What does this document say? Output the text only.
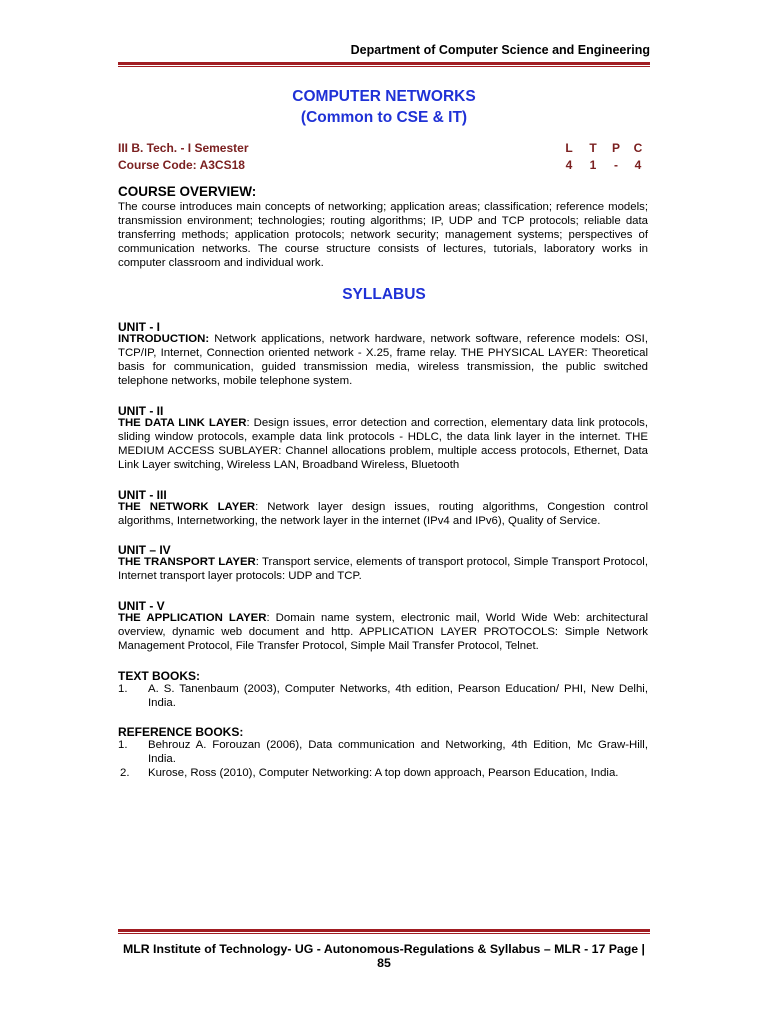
Department of Computer Science and Engineering
COMPUTER NETWORKS
(Common to CSE & IT)
III B. Tech. - I Semester
Course Code: A3CS18
L T P C
4	1	-	4
COURSE OVERVIEW:
The course introduces main concepts of networking; application areas; classification; reference models; transmission environment; technologies; routing algorithms; IP, UDP and TCP protocols; reliable data transferring methods; application protocols; network security; management systems; perspectives of communication networks. The course structure consists of lectures, tutorials, laboratory works in computer classroom and individual work.
SYLLABUS
UNIT - I
INTRODUCTION: Network applications, network hardware, network software, reference models: OSI, TCP/IP, Internet, Connection oriented network - X.25, frame relay. THE PHYSICAL LAYER: Theoretical basis for communication, guided transmission media, wireless transmission, the public switched telephone networks, mobile telephone system.
UNIT - II
THE DATA LINK LAYER: Design issues, error detection and correction, elementary data link protocols, sliding window protocols, example data link protocols - HDLC, the data link layer in the internet. THE MEDIUM ACCESS SUBLAYER: Channel allocations problem, multiple access protocols, Ethernet, Data Link Layer switching, Wireless LAN, Broadband Wireless, Bluetooth
UNIT - III
THE NETWORK LAYER: Network layer design issues, routing algorithms, Congestion control algorithms, Internetworking, the network layer in the internet (IPv4 and IPv6), Quality of Service.
UNIT – IV
THE TRANSPORT LAYER: Transport service, elements of transport protocol, Simple Transport Protocol, Internet transport layer protocols: UDP and TCP.
UNIT - V
THE APPLICATION LAYER: Domain name system, electronic mail, World Wide Web: architectural overview, dynamic web document and http. APPLICATION LAYER PROTOCOLS: Simple Network Management Protocol, File Transfer Protocol, Simple Mail Transfer Protocol, Telnet.
TEXT BOOKS:
1. A. S. Tanenbaum (2003), Computer Networks, 4th edition, Pearson Education/ PHI, New Delhi, India.
REFERENCE BOOKS:
1. Behrouz A. Forouzan (2006), Data communication and Networking, 4th Edition, Mc Graw-Hill, India.
2. Kurose, Ross (2010), Computer Networking: A top down approach, Pearson Education, India.
MLR Institute of Technology- UG - Autonomous-Regulations & Syllabus – MLR - 17 Page | 85
